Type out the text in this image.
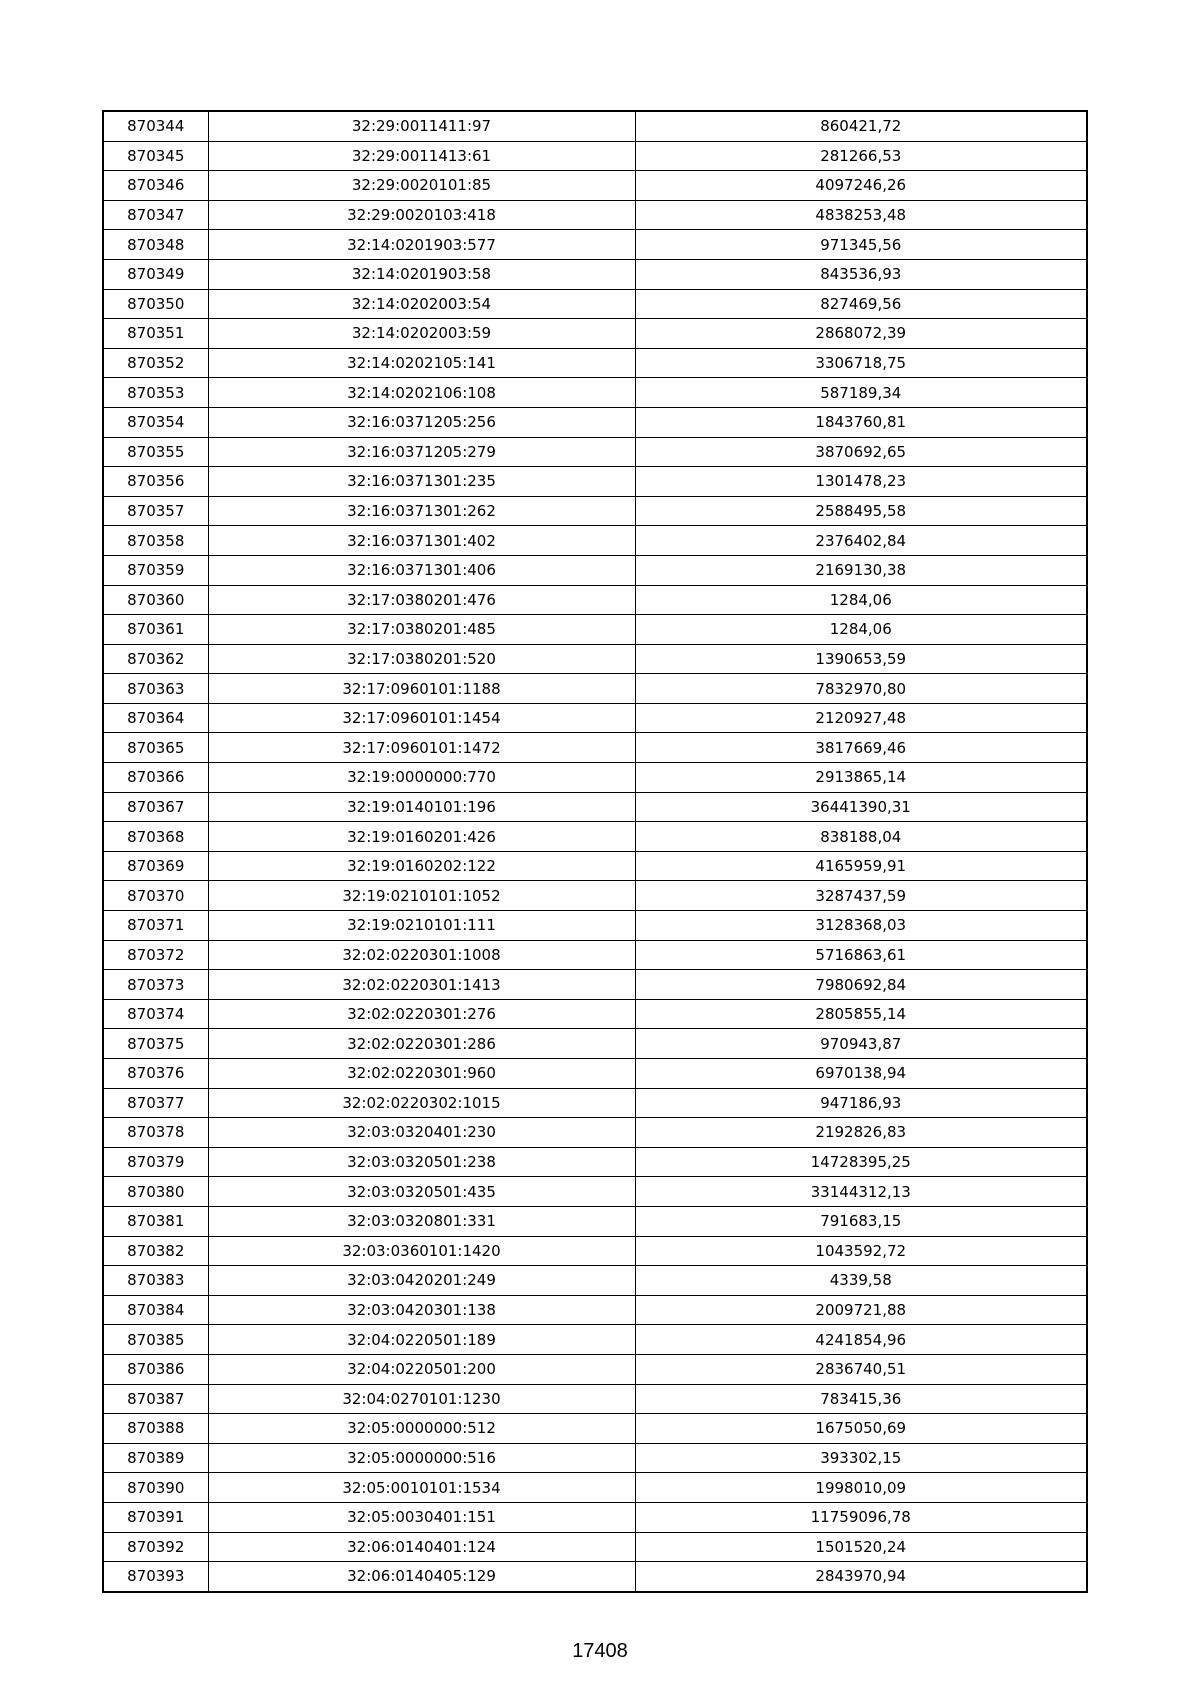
870344	32:29:0011411:97	860421,72
870345	32:29:0011413:61	281266,53
870346	32:29:0020101:85	4097246,26
870347	32:29:0020103:418	4838253,48
870348	32:14:0201903:577	971345,56
870349	32:14:0201903:58	843536,93
870350	32:14:0202003:54	827469,56
870351	32:14:0202003:59	2868072,39
870352	32:14:0202105:141	3306718,75
870353	32:14:0202106:108	587189,34
870354	32:16:0371205:256	1843760,81
870355	32:16:0371205:279	3870692,65
870356	32:16:0371301:235	1301478,23
870357	32:16:0371301:262	2588495,58
870358	32:16:0371301:402	2376402,84
870359	32:16:0371301:406	2169130,38
870360	32:17:0380201:476	1284,06
870361	32:17:0380201:485	1284,06
870362	32:17:0380201:520	1390653,59
870363	32:17:0960101:1188	7832970,80
870364	32:17:0960101:1454	2120927,48
870365	32:17:0960101:1472	3817669,46
870366	32:19:0000000:770	2913865,14
870367	32:19:0140101:196	36441390,31
870368	32:19:0160201:426	838188,04
870369	32:19:0160202:122	4165959,91
870370	32:19:0210101:1052	3287437,59
870371	32:19:0210101:111	3128368,03
870372	32:02:0220301:1008	5716863,61
870373	32:02:0220301:1413	7980692,84
870374	32:02:0220301:276	2805855,14
870375	32:02:0220301:286	970943,87
870376	32:02:0220301:960	6970138,94
870377	32:02:0220302:1015	947186,93
870378	32:03:0320401:230	2192826,83
870379	32:03:0320501:238	14728395,25
870380	32:03:0320501:435	33144312,13
870381	32:03:0320801:331	791683,15
870382	32:03:0360101:1420	1043592,72
870383	32:03:0420201:249	4339,58
870384	32:03:0420301:138	2009721,88
870385	32:04:0220501:189	4241854,96
870386	32:04:0220501:200	2836740,51
870387	32:04:0270101:1230	783415,36
870388	32:05:0000000:512	1675050,69
870389	32:05:0000000:516	393302,15
870390	32:05:0010101:1534	1998010,09
870391	32:05:0030401:151	11759096,78
870392	32:06:0140401:124	1501520,24
870393	32:06:0140405:129	2843970,94
17408
